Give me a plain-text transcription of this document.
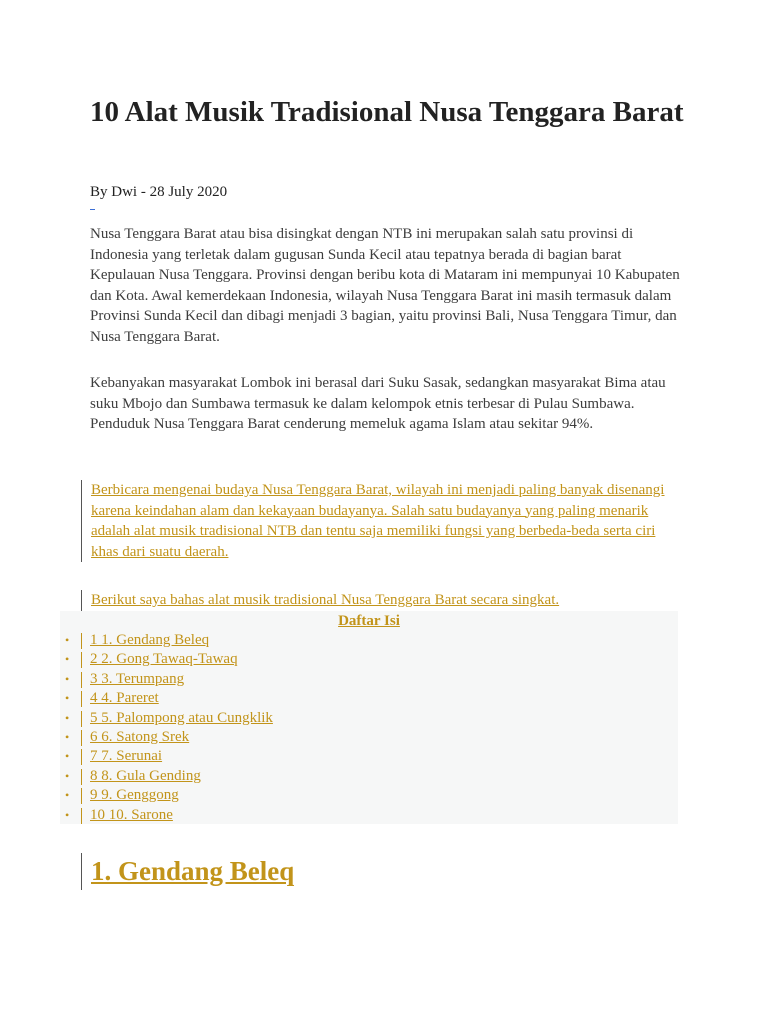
10 Alat Musik Tradisional Nusa Tenggara Barat
By Dwi - 28 July 2020

Nusa Tenggara Barat atau bisa disingkat dengan NTB ini merupakan salah satu provinsi di Indonesia yang terletak dalam gugusan Sunda Kecil atau tepatnya berada di bagian barat Kepulauan Nusa Tenggara. Provinsi dengan beribu kota di Mataram ini mempunyai 10 Kabupaten dan Kota. Awal kemerdekaan Indonesia, wilayah Nusa Tenggara Barat ini masih termasuk dalam Provinsi Sunda Kecil dan dibagi menjadi 3 bagian, yaitu provinsi Bali, Nusa Tenggara Timur, dan Nusa Tenggara Barat.

Kebanyakan masyarakat Lombok ini berasal dari Suku Sasak, sedangkan masyarakat Bima atau suku Mbojo dan Sumbawa termasuk ke dalam kelompok etnis terbesar di Pulau Sumbawa. Penduduk Nusa Tenggara Barat cenderung memeluk agama Islam atau sekitar 94%.

Berbicara mengenai budaya Nusa Tenggara Barat, wilayah ini menjadi paling banyak disenangi karena keindahan alam dan kekayaan budayanya. Salah satu budayanya yang paling menarik adalah alat musik tradisional NTB dan tentu saja memiliki fungsi yang berbeda-beda serta ciri khas dari suatu daerah.
Berikut saya bahas alat musik tradisional Nusa Tenggara Barat secara singkat.
Daftar Isi
• 1 1. Gendang Beleq
• 2 2. Gong Tawaq-Tawaq
• 3 3. Terumpang
• 4 4. Pareret
• 5 5. Palompong atau Cungklik
• 6 6. Satong Srek
• 7 7. Serunai
• 8 8. Gula Gending
• 9 9. Genggong
• 10 10. Sarone
1. Gendang Beleq
